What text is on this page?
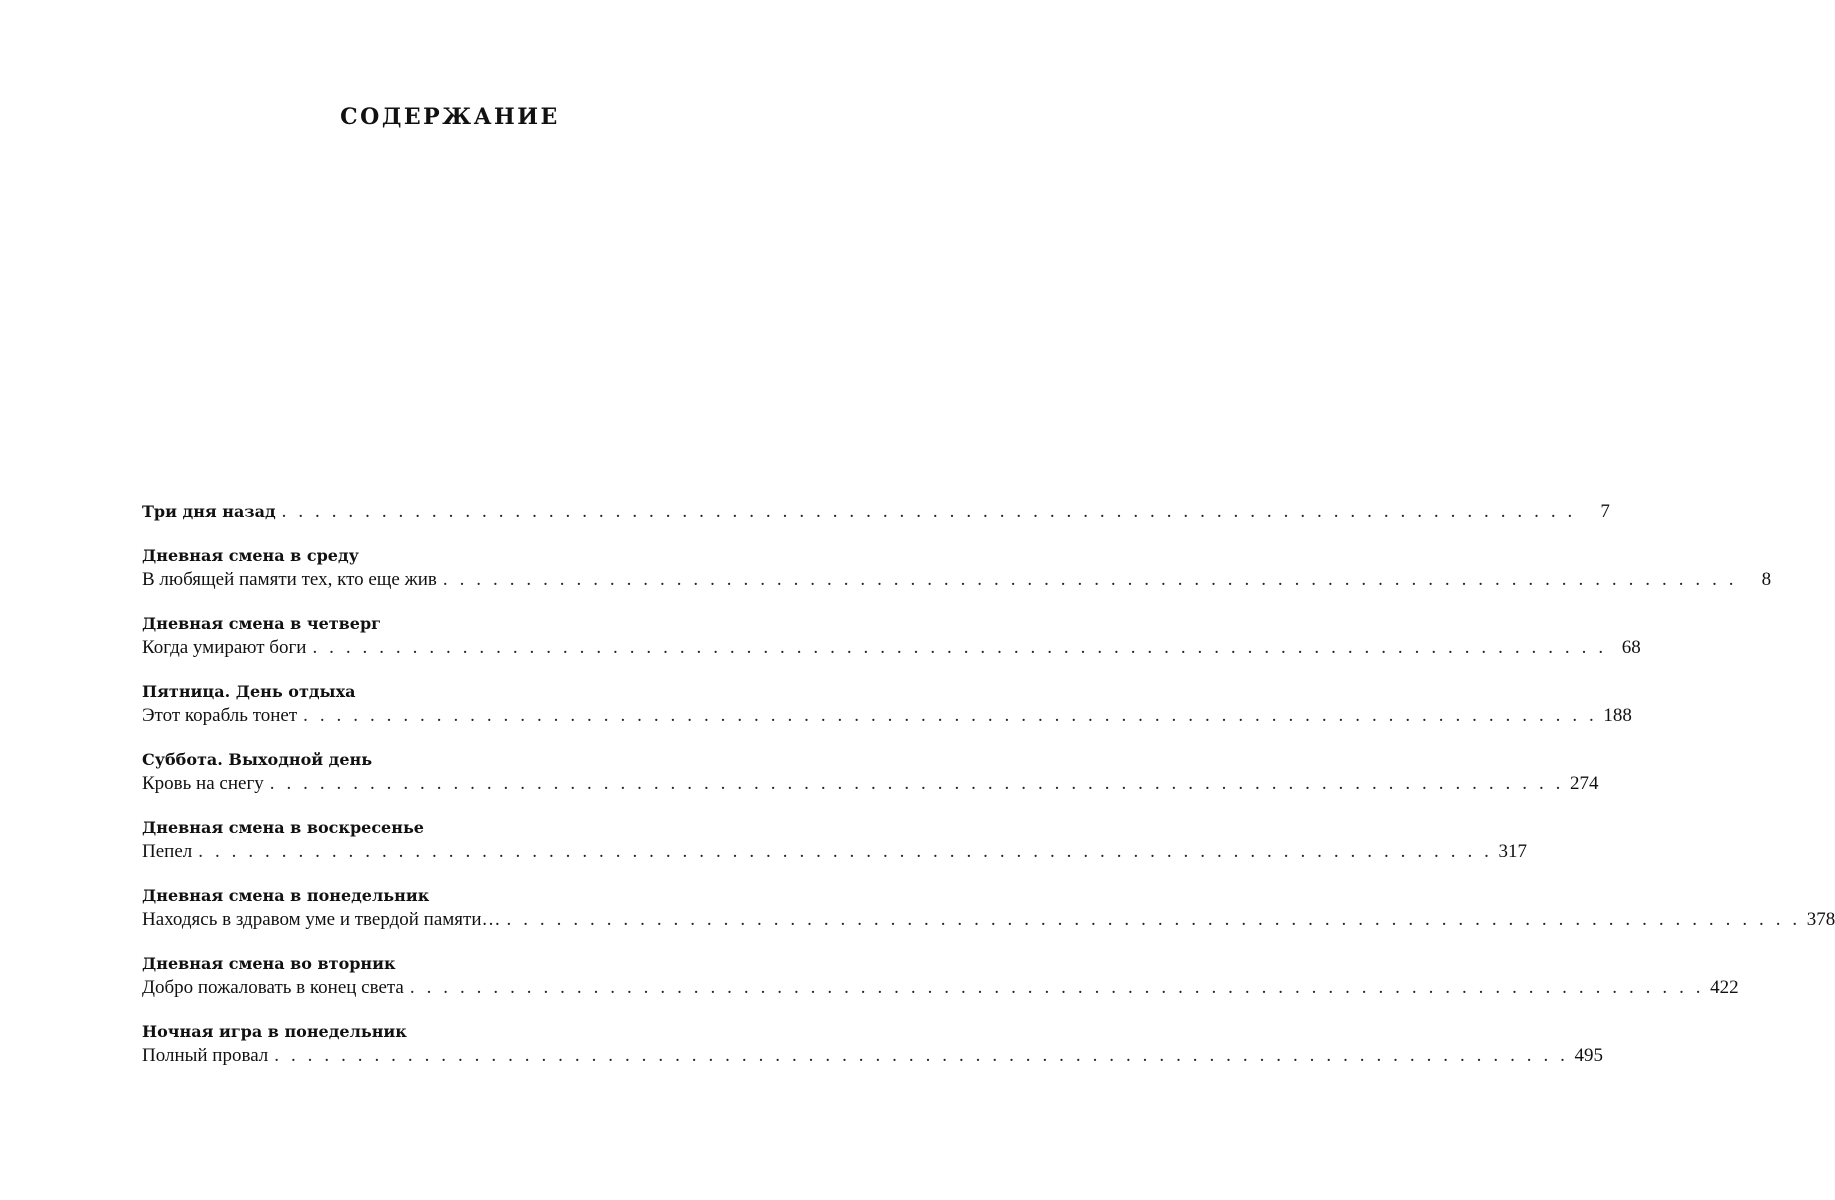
СОДЕРЖАНИЕ
Три дня назад . . . . . . . . . . . . . . . . . . . . . . . . . . . . . . . . . . . . . . . . . . . . . . . . . . . . . . . . . . . . . . . . . . . . . . . . . . . . . .	7
Дневная смена в среду
В любящей памяти тех, кто еще жив . . . . . . . . . . . . . . . . . . . . . . . . . . . . . . . . . . . . . . . . . . . . . . . . . . . . . . . . . . . . . . . . . . . . . . . . . . . . . .	8
Дневная смена в четверг
Когда умирают боги . . . . . . . . . . . . . . . . . . . . . . . . . . . . . . . . . . . . . . . . . . . . . . . . . . . . . . . . . . . . . . . . . . . . . . . . . . . . . . 68
Пятница. День отдыха
Этот корабль тонет . . . . . . . . . . . . . . . . . . . . . . . . . . . . . . . . . . . . . . . . . . . . . . . . . . . . . . . . . . . . . . . . . . . . . . . . . . . . . . 188
Суббота. Выходной день
Кровь на снегу . . . . . . . . . . . . . . . . . . . . . . . . . . . . . . . . . . . . . . . . . . . . . . . . . . . . . . . . . . . . . . . . . . . . . . . . . . . . . . 274
Дневная смена в воскресенье
Пепел . . . . . . . . . . . . . . . . . . . . . . . . . . . . . . . . . . . . . . . . . . . . . . . . . . . . . . . . . . . . . . . . . . . . . . . . . . . . . . 317
Дневная смена в понедельник
Находясь в здравом уме и твердой памяти… . . . . . . . . . . . . . . . . . . . . . . . . . . . . . . . . . . . . . . . . . . . . . . . . . . . . . . . . . . . . . . . . . . . . . . . . . . . . . . 378
Дневная смена во вторник
Добро пожаловать в конец света . . . . . . . . . . . . . . . . . . . . . . . . . . . . . . . . . . . . . . . . . . . . . . . . . . . . . . . . . . . . . . . . . . . . . . . . . . . . . . 422
Ночная игра в понедельник
Полный провал . . . . . . . . . . . . . . . . . . . . . . . . . . . . . . . . . . . . . . . . . . . . . . . . . . . . . . . . . . . . . . . . . . . . . . . . . . . . . . 495
